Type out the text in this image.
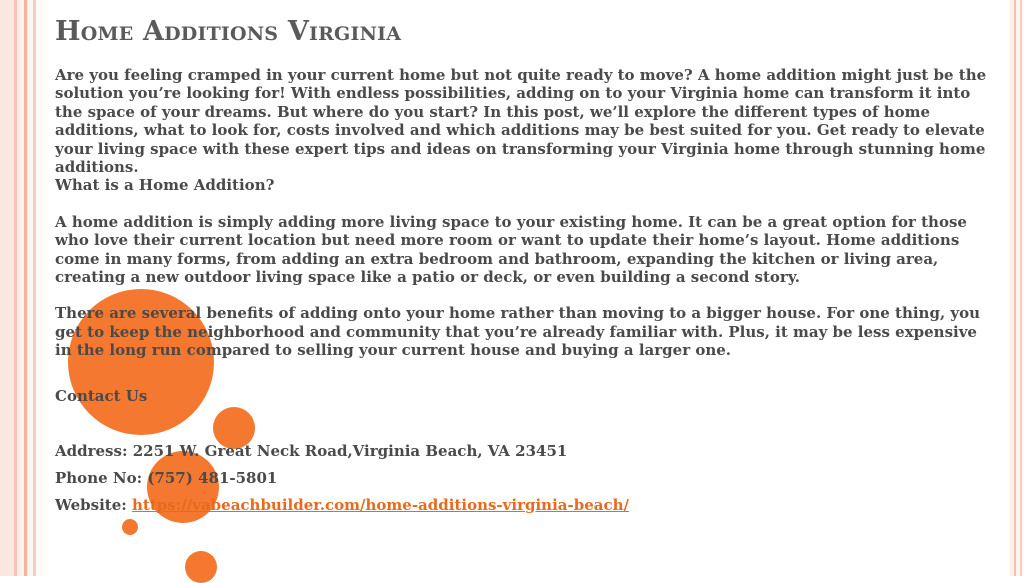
Home Additions Virginia

Are you feeling cramped in your current home but not quite ready to move? A home addition might just be the solution you’re looking for! With endless possibilities, adding on to your Virginia home can transform it into the space of your dreams. But where do you start? In this post, we’ll explore the different types of home additions, what to look for, costs involved and which additions may be best suited for you. Get ready to elevate your living space with these expert tips and ideas on transforming your Virginia home through stunning home additions.

What is a Home Addition?

A home addition is simply adding more living space to your existing home. It can be a great option for those who love their current location but need more room or want to update their home’s layout. Home additions come in many forms, from adding an extra bedroom and bathroom, expanding the kitchen or living area, creating a new outdoor living space like a patio or deck, or even building a second story.

There are several benefits of adding onto your home rather than moving to a bigger house. For one thing, you get to keep the neighborhood and community that you’re already familiar with. Plus, it may be less expensive in the long run compared to selling your current house and buying a larger one.

Contact Us
Address: 2251 W. Great Neck Road,Virginia Beach, VA 23451
Phone No: (757) 481-5801
Website: https://vabeachbuilder.com/home-additions-virginia-beach/
